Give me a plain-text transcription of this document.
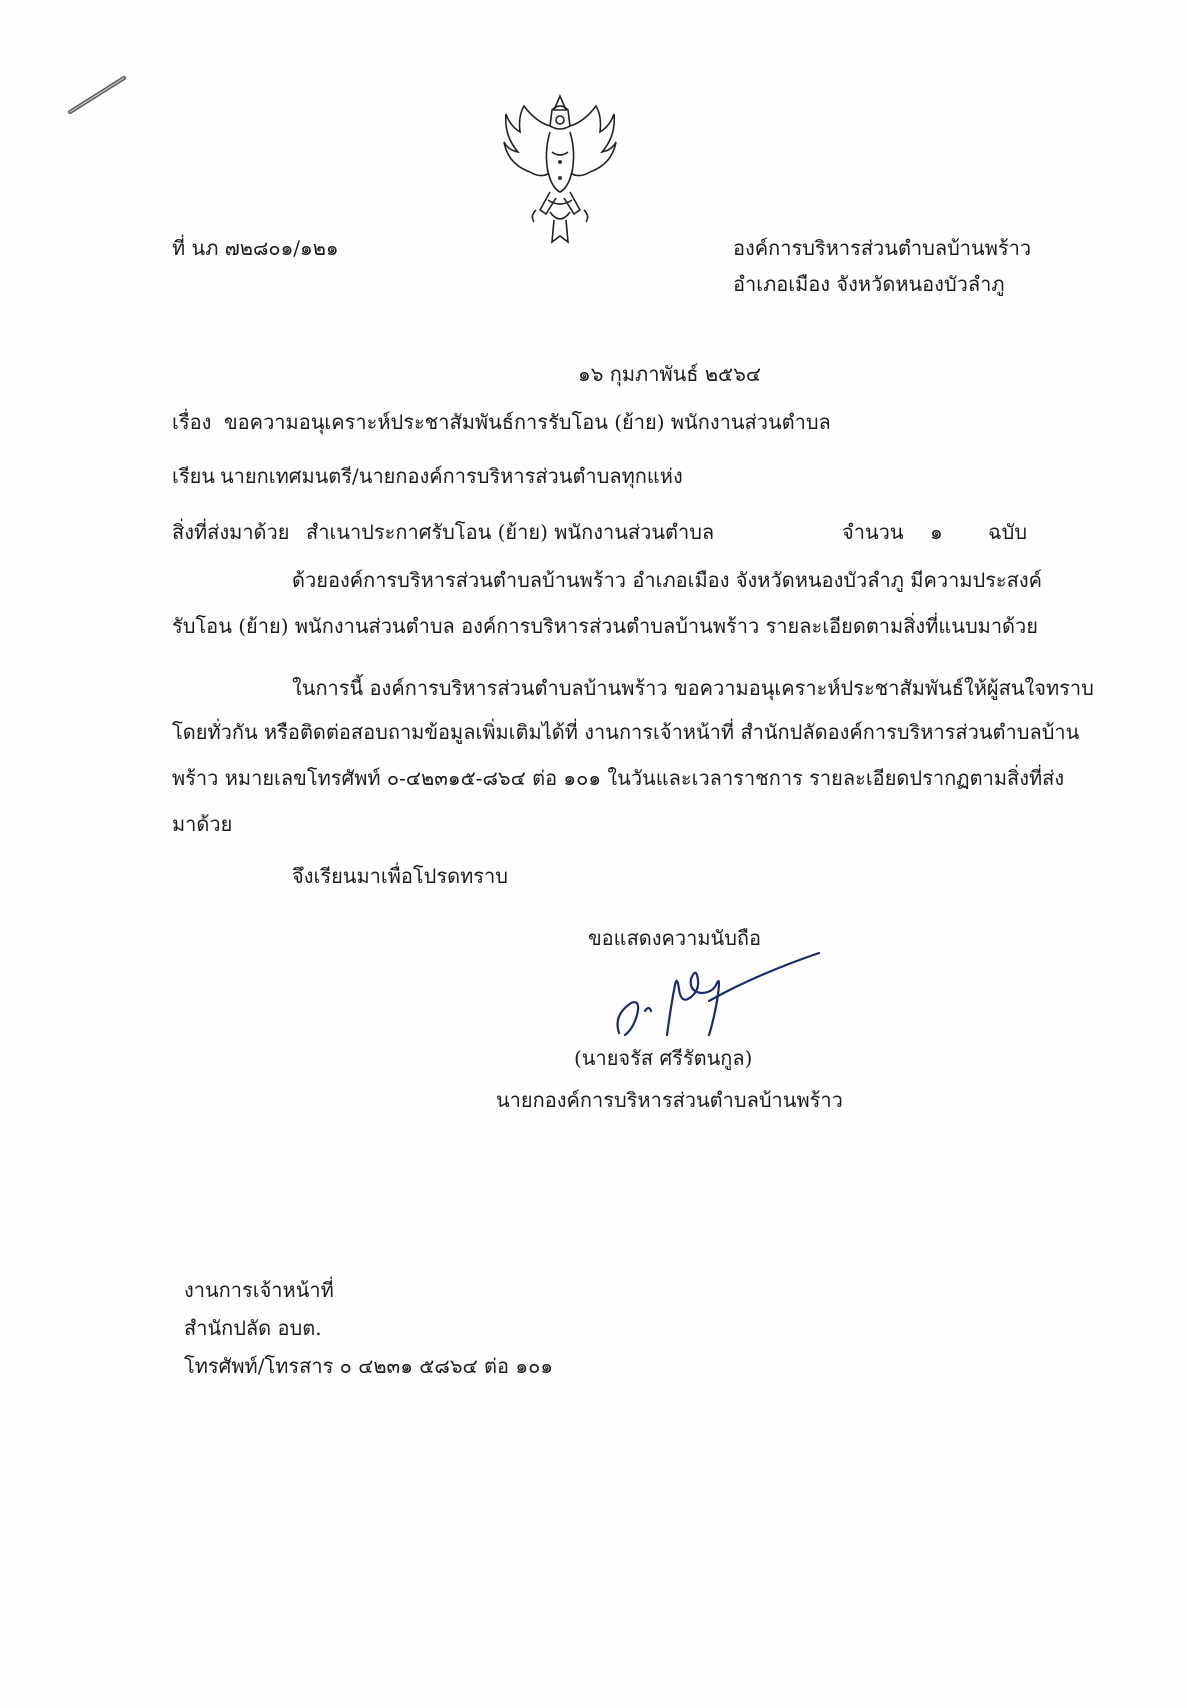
ที่ นภ ๗๒๘๐๑/๑๒๑	องค์การบริหารส่วนตำบลบ้านพร้าว
อำเภอเมือง จังหวัดหนองบัวลำภู
๑๖ กุมภาพันธ์ ๒๕๖๔
เรื่อง ขอความอนุเคราะห์ประชาสัมพันธ์การรับโอน (ย้าย) พนักงานส่วนตำบล
เรียน นายกเทศมนตรี/นายกองค์การบริหารส่วนตำบลทุกแห่ง
สิ่งที่ส่งมาด้วย สำเนาประกาศรับโอน (ย้าย) พนักงานส่วนตำบล	จำนวน ๑ ฉบับ
ด้วยองค์การบริหารส่วนตำบลบ้านพร้าว อำเภอเมือง จังหวัดหนองบัวลำภู มีความประสงค์
รับโอน (ย้าย) พนักงานส่วนตำบล องค์การบริหารส่วนตำบลบ้านพร้าว รายละเอียดตามสิ่งที่แนบมาด้วย
ในการนี้ องค์การบริหารส่วนตำบลบ้านพร้าว ขอความอนุเคราะห์ประชาสัมพันธ์ให้ผู้สนใจทราบ
โดยทั่วกัน หรือติดต่อสอบถามข้อมูลเพิ่มเติมได้ที่ งานการเจ้าหน้าที่ สำนักปลัดองค์การบริหารส่วนตำบลบ้าน
พร้าว หมายเลขโทรศัพท์ ๐-๔๒๓๑๕-๘๖๔ ต่อ ๑๐๑ ในวันและเวลาราชการ รายละเอียดปรากฏตามสิ่งที่ส่ง
มาด้วย
จึงเรียนมาเพื่อโปรดทราบ
ขอแสดงความนับถือ
(นายจรัส ศรีรัตนกูล)
นายกองค์การบริหารส่วนตำบลบ้านพร้าว
งานการเจ้าหน้าที่
สำนักปลัด อบต.
โทรศัพท์/โทรสาร ๐ ๔๒๓๑ ๕๘๖๔ ต่อ ๑๐๑
